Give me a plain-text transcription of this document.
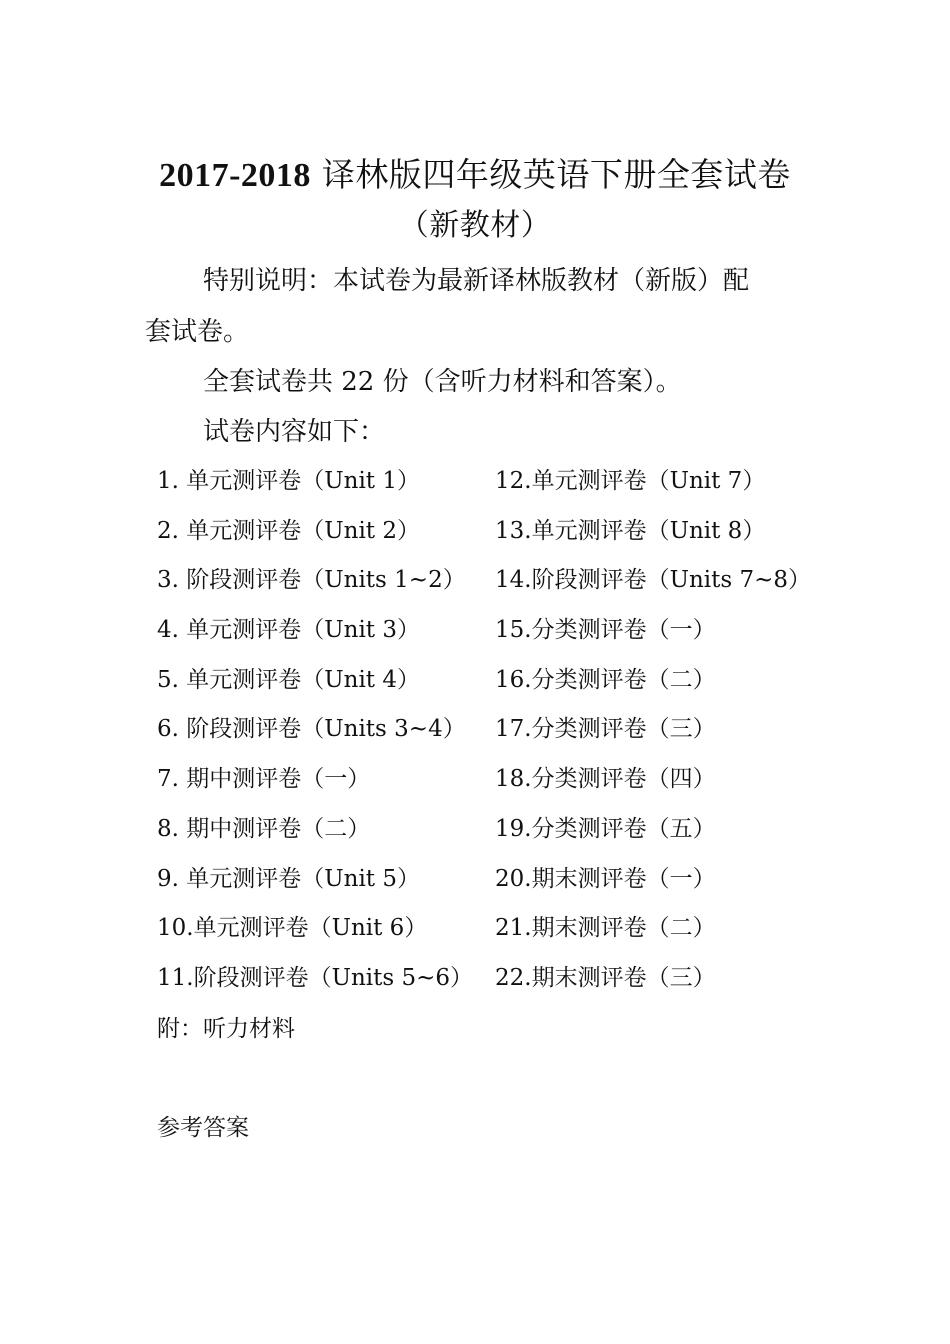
2017-2018 译林版四年级英语下册全套试卷
（新教材）
特别说明：本试卷为最新译林版教材（新版）配
套试卷。
全套试卷共 22 份（含听力材料和答案）。
试卷内容如下：
1. 单元测评卷（Unit 1）	12.单元测评卷（Unit 7）
2. 单元测评卷（Unit 2）	13.单元测评卷（Unit 8）
3. 阶段测评卷（Units 1~2） 14.阶段测评卷（Units 7~8）
4. 单元测评卷（Unit 3）	15.分类测评卷（一）
5. 单元测评卷（Unit 4）	16.分类测评卷（二）
6. 阶段测评卷（Units 3~4） 17.分类测评卷（三）
7. 期中测评卷（一）	18.分类测评卷（四）
8. 期中测评卷（二）	19.分类测评卷（五）
9. 单元测评卷（Unit 5）	20.期末测评卷（一）
10.单元测评卷（Unit 6）	21.期末测评卷（二）
11.阶段测评卷（Units 5~6） 22.期末测评卷（三）
附：听力材料
参考答案
